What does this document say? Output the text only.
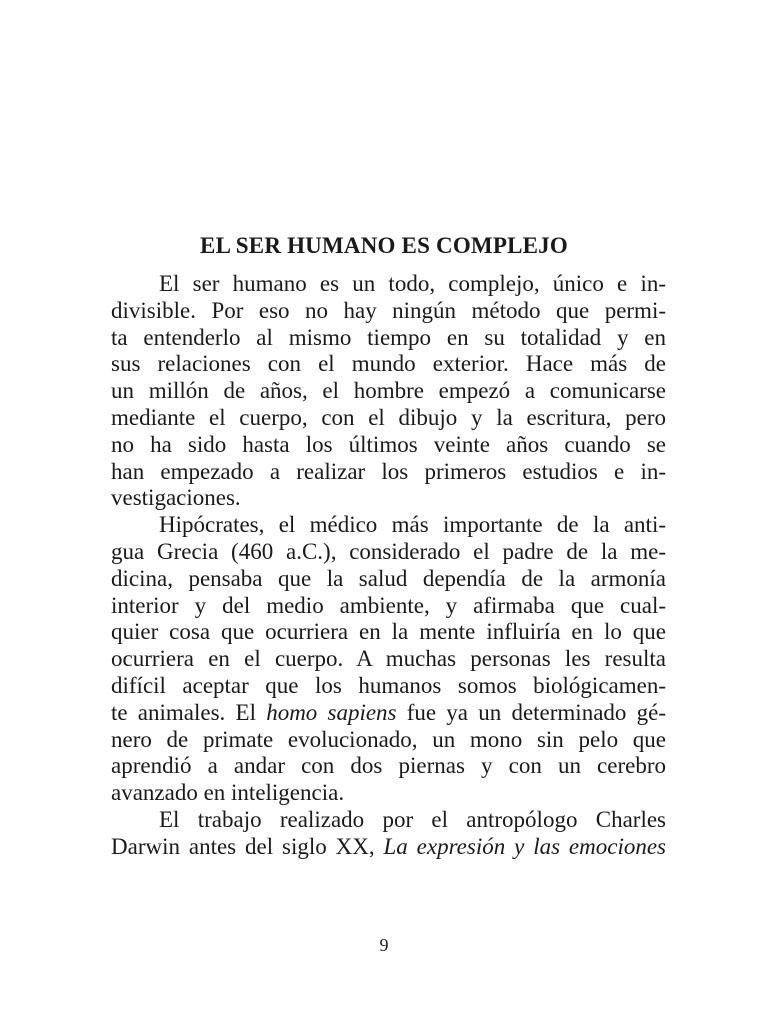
EL SER HUMANO ES COMPLEJO
El ser humano es un todo, complejo, único e in-
divisible. Por eso no hay ningún método que permi-
ta entenderlo al mismo tiempo en su totalidad y en
sus relaciones con el mundo exterior. Hace más de
un millón de años, el hombre empezó a comunicarse
mediante el cuerpo, con el dibujo y la escritura, pero
no ha sido hasta los últimos veinte años cuando se
han empezado a realizar los primeros estudios e in-
vestigaciones.
Hipócrates, el médico más importante de la anti-
gua Grecia (460 a.C.), considerado el padre de la me-
dicina, pensaba que la salud dependía de la armonía
interior y del medio ambiente, y afirmaba que cual-
quier cosa que ocurriera en la mente influiría en lo que
ocurriera en el cuerpo. A muchas personas les resulta
difícil aceptar que los humanos somos biológicamen-
te animales. El homo sapiens fue ya un determinado gé-
nero de primate evolucionado, un mono sin pelo que
aprendió a andar con dos piernas y con un cerebro
avanzado en inteligencia.
El trabajo realizado por el antropólogo Charles
Darwin antes del siglo XX, La expresión y las emociones
9
